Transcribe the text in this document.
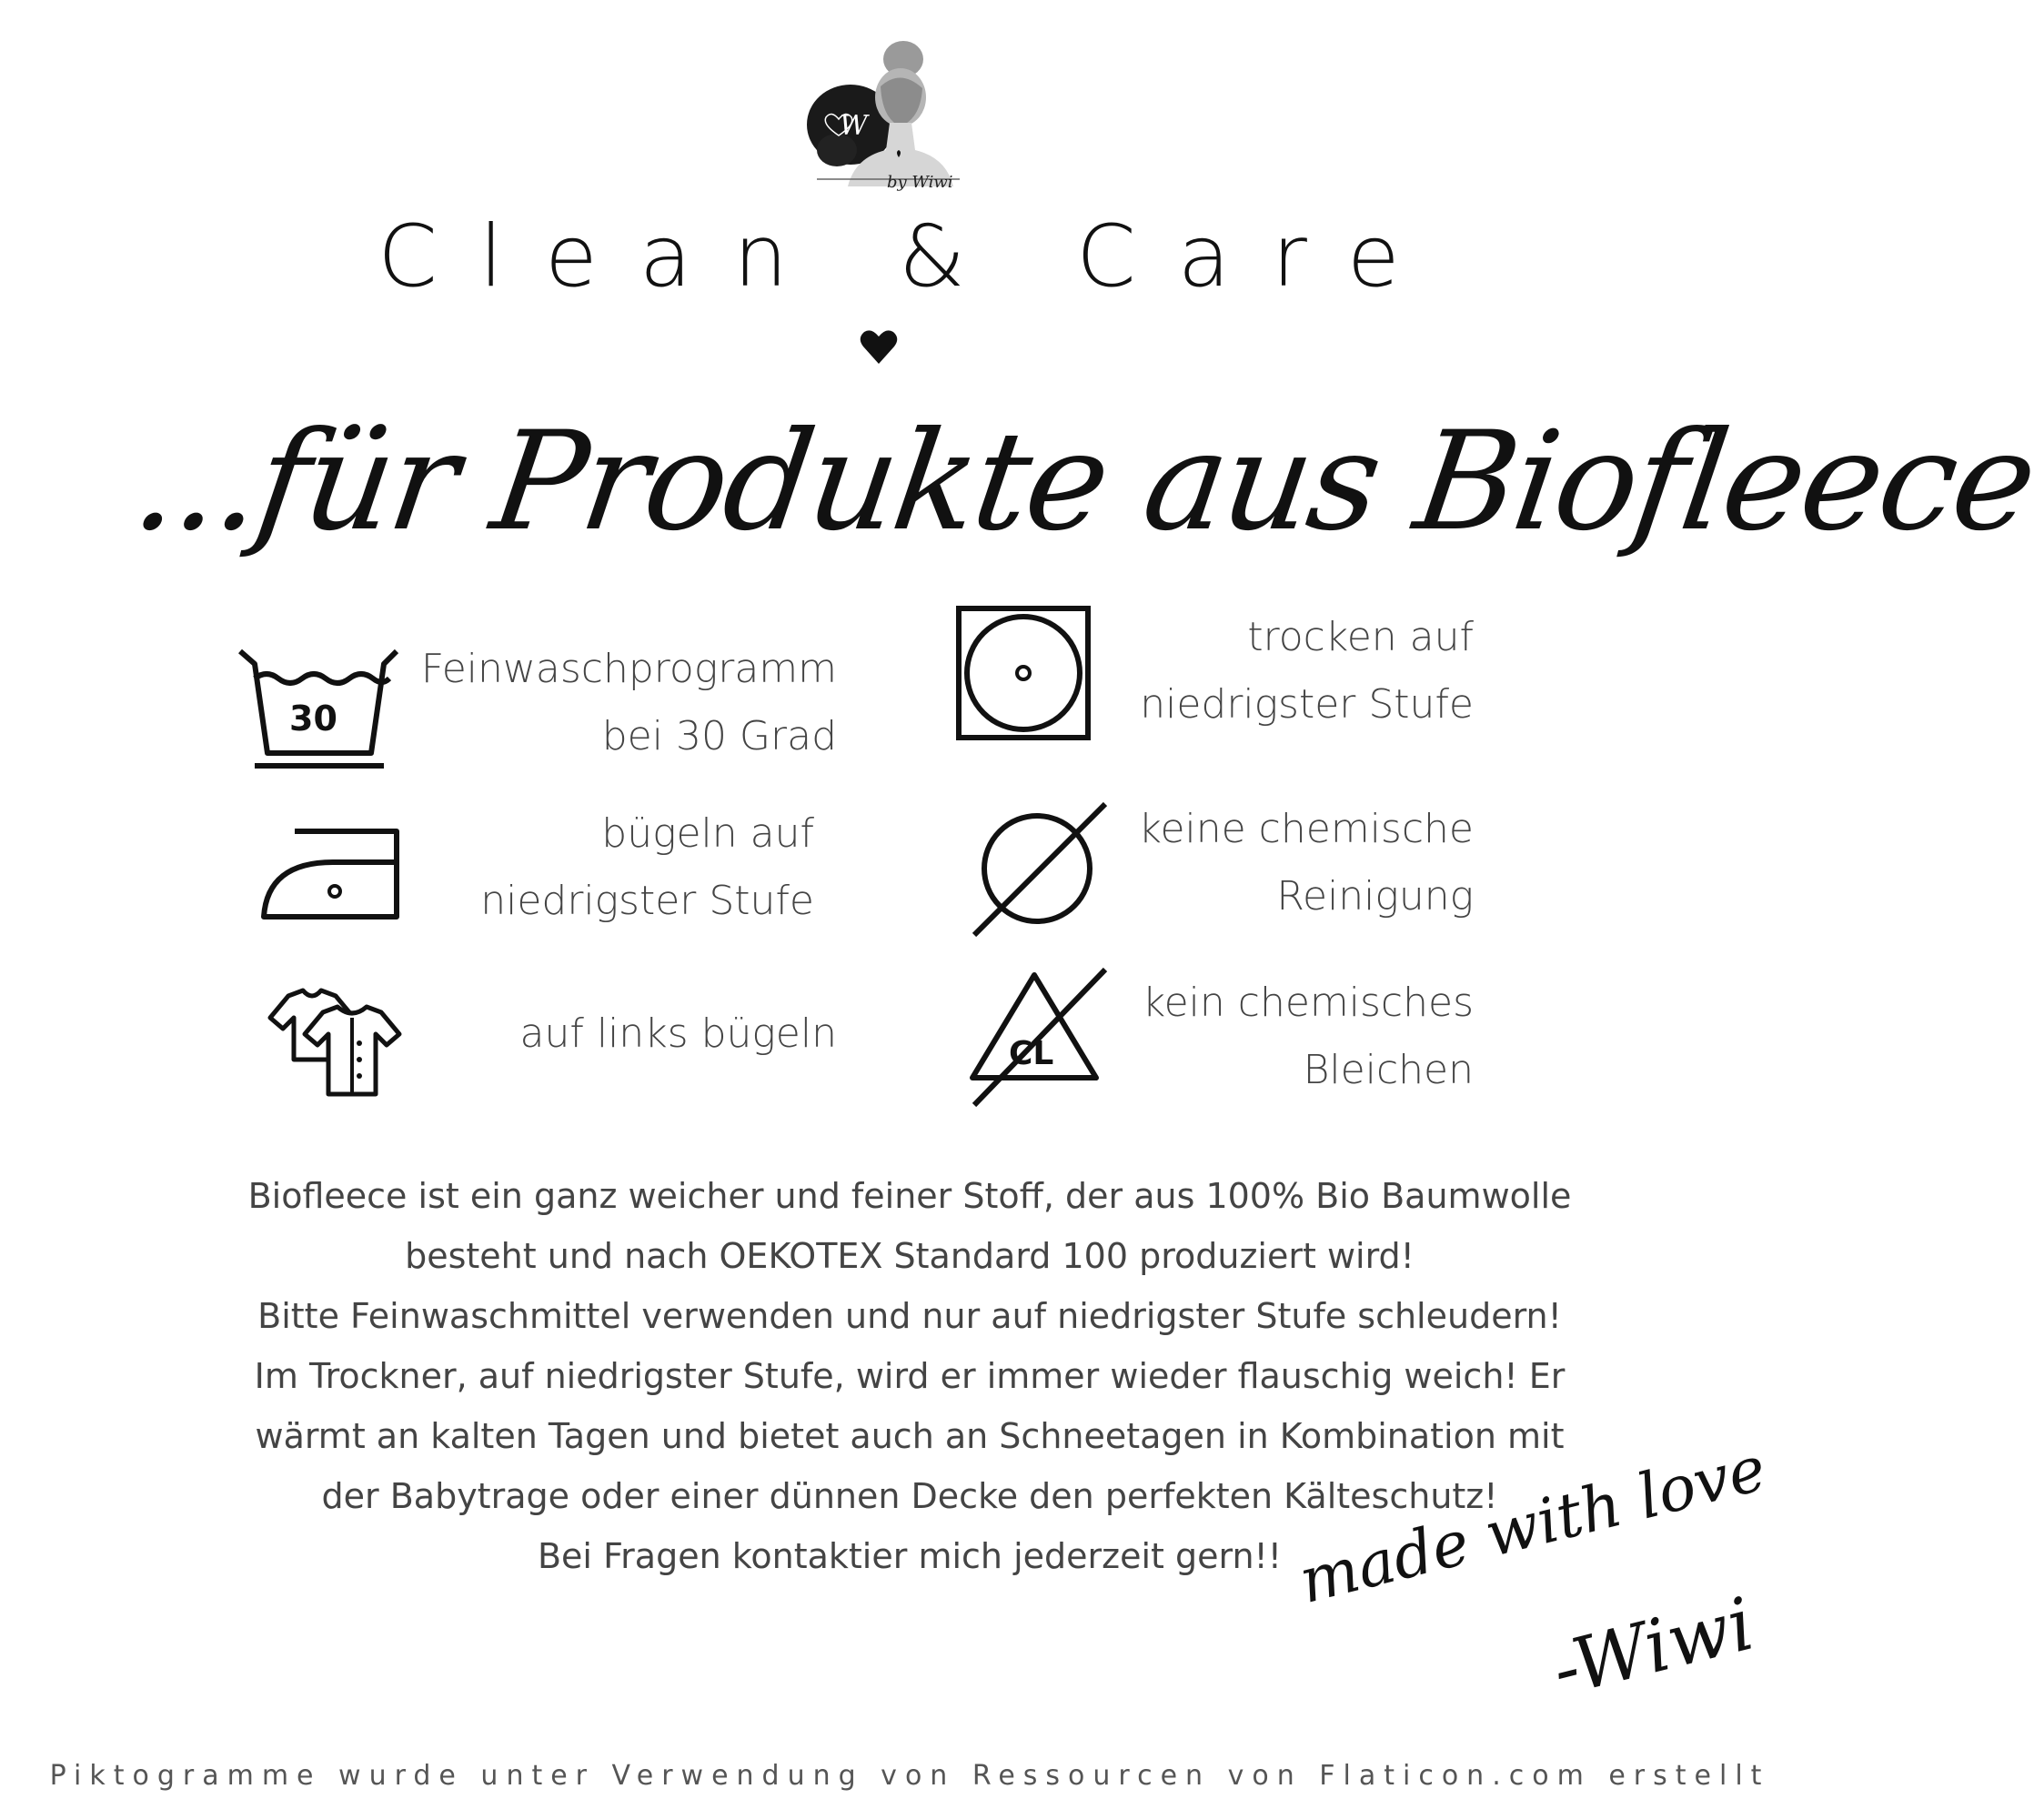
W
by Wiwi
Clean & Care
...für Produkte aus Biofleece
30
Feinwaschprogramm
bei 30 Grad
trocken auf
niedrigster Stufe
bügeln auf
niedrigster Stufe
keine chemische
Reinigung
auf links bügeln	CL
kein chemisches
Bleichen
Biofleece ist ein ganz weicher und feiner Stoff, der aus 100% Bio Baumwolle
besteht und nach OEKOTEX Standard 100 produziert wird!
Bitte Feinwaschmittel verwenden und nur auf niedrigster Stufe schleudern!
Im Trockner, auf niedrigster Stufe, wird er immer wieder flauschig weich! Er
wärmt an kalten Tagen und bietet auch an Schneetagen in Kombination mit
der Babytrage oder einer dünnen Decke den perfekten Kälteschutz!
Bei Fragen kontaktier mich jederzeit gern!! made with love
-Wiwi
Piktogramme wurde unter Verwendung von Ressourcen von Flaticon.com erstellt
